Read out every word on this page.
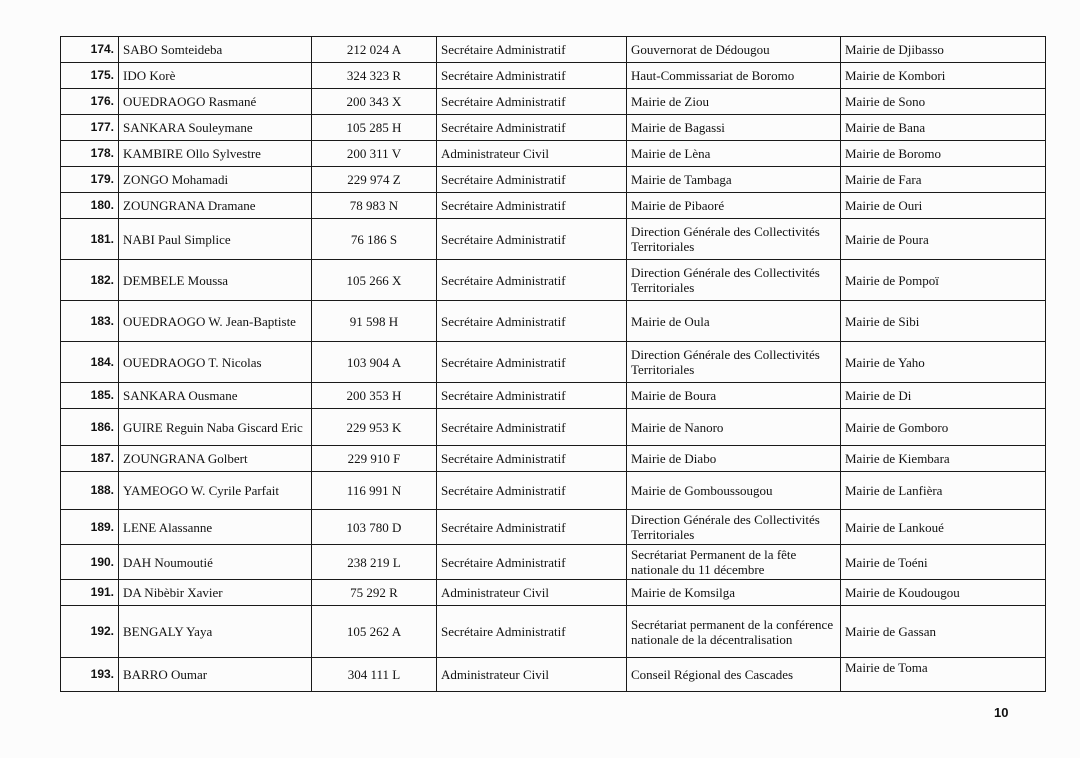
174.	SABO Somteideba	212 024 A	Secrétaire Administratif	Gouvernorat de Dédougou	Mairie de Djibasso
175.	IDO Korè	324 323 R	Secrétaire Administratif	Haut-Commissariat de Boromo	Mairie de Kombori
176.	OUEDRAOGO Rasmané	200 343 X	Secrétaire Administratif	Mairie de Ziou	Mairie de Sono
177.	SANKARA Souleymane	105 285 H	Secrétaire Administratif	Mairie de Bagassi	Mairie de Bana
178.	KAMBIRE Ollo Sylvestre	200 311 V	Administrateur Civil	Mairie de Lèna	Mairie de Boromo
179.	ZONGO Mohamadi	229 974 Z	Secrétaire Administratif	Mairie de Tambaga	Mairie de Fara
180.	ZOUNGRANA Dramane	78 983 N	Secrétaire Administratif	Mairie de Pibaoré	Mairie de Ouri
181.	NABI Paul Simplice	76 186 S	Secrétaire Administratif	Direction Générale des Collectivités Territoriales	Mairie de Poura
182.	DEMBELE Moussa	105 266 X	Secrétaire Administratif	Direction Générale des Collectivités Territoriales	Mairie de Pompoï
183.	OUEDRAOGO W. Jean-Baptiste	91 598 H	Secrétaire Administratif	Mairie de Oula	Mairie de Sibi
184.	OUEDRAOGO T. Nicolas	103 904 A	Secrétaire Administratif	Direction Générale des Collectivités Territoriales	Mairie de Yaho
185.	SANKARA Ousmane	200 353 H	Secrétaire Administratif	Mairie de Boura	Mairie de Di
186.	GUIRE Reguin Naba Giscard Eric	229 953 K	Secrétaire Administratif	Mairie de Nanoro	Mairie de Gomboro
187.	ZOUNGRANA Golbert	229 910 F	Secrétaire Administratif	Mairie de Diabo	Mairie de Kiembara
188.	YAMEOGO W. Cyrile Parfait	116 991 N	Secrétaire Administratif	Mairie de Gomboussougou	Mairie de Lanfièra
189.	LENE Alassanne	103 780 D	Secrétaire Administratif	Direction Générale des Collectivités Territoriales	Mairie de Lankoué
190.	DAH Noumoutié	238 219 L	Secrétaire Administratif	Secrétariat Permanent de la fête nationale du 11 décembre	Mairie de Toéni
191.	DA Nibèbir Xavier	75 292 R	Administrateur Civil	Mairie de Komsilga	Mairie de Koudougou
192.	BENGALY Yaya	105 262 A	Secrétaire Administratif	Secrétariat permanent de la conférence nationale de la décentralisation	Mairie de Gassan
193.	BARRO Oumar	304 111 L	Administrateur Civil	Conseil Régional des Cascades	Mairie de Toma
10
